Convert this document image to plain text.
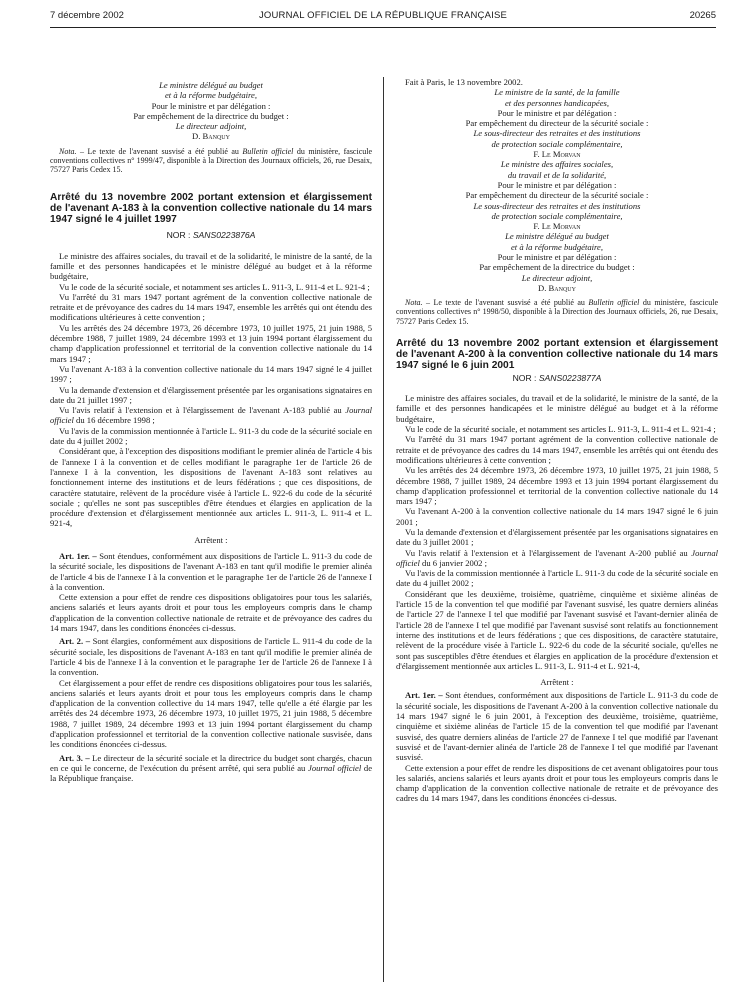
7 décembre 2002	JOURNAL OFFICIEL DE LA RÉPUBLIQUE FRANÇAISE	20265

Le ministre délégué au budget

et à la réforme budgétaire,

Pour le ministre et par délégation :

Par empêchement de la directrice du budget :

Le directeur adjoint,

D. Banquy

Nota. – Le texte de l'avenant susvisé a été publié au Bulletin officiel du ministère, fascicule conventions collectives n° 1999/47, disponible à la Direction des Journaux officiels, 26, rue Desaix, 75727 Paris Cedex 15.

Arrêté du 13 novembre 2002 portant extension et élargissement de l'avenant A-183 à la convention collective nationale du 14 mars 1947 signé le 4 juillet 1997

NOR : SANS0223876A

Le ministre des affaires sociales, du travail et de la solidarité, le ministre de la santé, de la famille et des personnes handicapées et le ministre délégué au budget et à la réforme budgétaire,

Vu le code de la sécurité sociale, et notamment ses articles L. 911-3, L. 911-4 et L. 921-4 ;

Vu l'arrêté du 31 mars 1947 portant agrément de la convention collective nationale de retraite et de prévoyance des cadres du 14 mars 1947, ensemble les arrêtés qui ont étendu des modifications ultérieures à cette convention ;

Vu les arrêtés des 24 décembre 1973, 26 décembre 1973, 10 juillet 1975, 21 juin 1988, 5 décembre 1988, 7 juillet 1989, 24 décembre 1993 et 13 juin 1994 portant élargissement du champ d'application professionnel et territorial de la convention collective nationale du 14 mars 1947 ;

Vu l'avenant A-183 à la convention collective nationale du 14 mars 1947 signé le 4 juillet 1997 ;

Vu la demande d'extension et d'élargissement présentée par les organisations signataires en date du 21 juillet 1997 ;

Vu l'avis relatif à l'extension et à l'élargissement de l'avenant A-183 publié au Journal officiel du 16 décembre 1998 ;

Vu l'avis de la commission mentionnée à l'article L. 911-3 du code de la sécurité sociale en date du 4 juillet 2002 ;

Considérant que, à l'exception des dispositions modifiant le premier alinéa de l'article 4 bis de l'annexe I à la convention et de celles modifiant le paragraphe 1er de l'article 26 de l'annexe I à la convention, les dispositions de l'avenant A-183 sont relatives au fonctionnement interne des institutions et de leurs fédérations ; que ces dispositions, de caractère statutaire, relèvent de la procédure visée à l'article L. 922-6 du code de la sécurité sociale ; qu'elles ne sont pas susceptibles d'être étendues et élargies en application de la procédure d'extension et d'élargissement mentionnée aux articles L. 911-3, L. 911-4 et L. 921-4,

Arrêtent :

Art. 1er. – Sont étendues, conformément aux dispositions de l'article L. 911-3 du code de la sécurité sociale, les dispositions de l'avenant A-183 en tant qu'il modifie le premier alinéa de l'article 4 bis de l'annexe I à la convention et le paragraphe 1er de l'article 26 de l'annexe I à la convention.

Cette extension a pour effet de rendre ces dispositions obligatoires pour tous les salariés, anciens salariés et leurs ayants droit et pour tous les employeurs compris dans le champ d'application de la convention collective nationale de retraite et de prévoyance des cadres du 14 mars 1947, dans les conditions énoncées ci-dessus.

Art. 2. – Sont élargies, conformément aux dispositions de l'article L. 911-4 du code de la sécurité sociale, les dispositions de l'avenant A-183 en tant qu'il modifie le premier alinéa de l'article 4 bis de l'annexe I à la convention et le paragraphe 1er de l'article 26 de l'annexe I à la convention.

Cet élargissement a pour effet de rendre ces dispositions obligatoires pour tous les salariés, anciens salariés et leurs ayants droit et pour tous les employeurs compris dans le champ d'application de la convention collective du 14 mars 1947, telle qu'elle a été élargie par les arrêtés des 24 décembre 1973, 26 décembre 1973, 10 juillet 1975, 21 juin 1988, 5 décembre 1988, 7 juillet 1989, 24 décembre 1993 et 13 juin 1994 portant élargissement du champ d'application professionnel et territorial de la convention collective nationale susvisée, dans les conditions énoncées ci-dessus.

Art. 3. – Le directeur de la sécurité sociale et la directrice du budget sont chargés, chacun en ce qui le concerne, de l'exécution du présent arrêté, qui sera publié au Journal officiel de la République française.

Fait à Paris, le 13 novembre 2002.

Le ministre de la santé, de la famille

et des personnes handicapées,

Pour le ministre et par délégation :

Par empêchement du directeur de la sécurité sociale :

Le sous-directeur des retraites et des institutions

de protection sociale complémentaire,

F. Le Morvan

Le ministre des affaires sociales,

du travail et de la solidarité,

Pour le ministre et par délégation :

Par empêchement du directeur de la sécurité sociale :

Le sous-directeur des retraites et des institutions

de protection sociale complémentaire,

F. Le Morvan

Le ministre délégué au budget

et à la réforme budgétaire,

Pour le ministre et par délégation :

Par empêchement de la directrice du budget :

Le directeur adjoint,

D. Banquy

Nota. – Le texte de l'avenant susvisé a été publié au Bulletin officiel du ministère, fascicule conventions collectives n° 1998/50, disponible à la Direction des Journaux officiels, 26, rue Desaix, 75727 Paris Cedex 15.

Arrêté du 13 novembre 2002 portant extension et élargissement de l'avenant A-200 à la convention collective nationale du 14 mars 1947 signé le 6 juin 2001

NOR : SANS0223877A

Le ministre des affaires sociales, du travail et de la solidarité, le ministre de la santé, de la famille et des personnes handicapées et le ministre délégué au budget et à la réforme budgétaire,

Vu le code de la sécurité sociale, et notamment ses articles L. 911-3, L. 911-4 et L. 921-4 ;

Vu l'arrêté du 31 mars 1947 portant agrément de la convention collective nationale de retraite et de prévoyance des cadres du 14 mars 1947, ensemble les arrêtés qui ont étendu des modifications ultérieures à cette convention ;

Vu les arrêtés des 24 décembre 1973, 26 décembre 1973, 10 juillet 1975, 21 juin 1988, 5 décembre 1988, 7 juillet 1989, 24 décembre 1993 et 13 juin 1994 portant élargissement du champ d'application professionnel et territorial de la convention collective nationale du 14 mars 1947 ;

Vu l'avenant A-200 à la convention collective nationale du 14 mars 1947 signé le 6 juin 2001 ;

Vu la demande d'extension et d'élargissement présentée par les organisations signataires en date du 3 juillet 2001 ;

Vu l'avis relatif à l'extension et à l'élargissement de l'avenant A-200 publié au Journal officiel du 6 janvier 2002 ;

Vu l'avis de la commission mentionnée à l'article L. 911-3 du code de la sécurité sociale en date du 4 juillet 2002 ;

Considérant que les deuxième, troisième, quatrième, cinquième et sixième alinéas de l'article 15 de la convention tel que modifié par l'avenant susvisé, les quatre derniers alinéas de l'article 27 de l'annexe I tel que modifié par l'avenant susvisé et l'avant-dernier alinéa de l'article 28 de l'annexe I tel que modifié par l'avenant susvisé sont relatifs au fonctionnement interne des institutions et de leurs fédérations ; que ces dispositions, de caractère statutaire, relèvent de la procédure visée à l'article L. 922-6 du code de la sécurité sociale, qu'elles ne sont pas susceptibles d'être étendues et élargies en application de la procédure d'extension et d'élargissement mentionnée aux articles L. 911-3, L. 911-4 et L. 921-4,

Arrêtent :

Art. 1er. – Sont étendues, conformément aux dispositions de l'article L. 911-3 du code de la sécurité sociale, les dispositions de l'avenant A-200 à la convention collective nationale du 14 mars 1947 signé le 6 juin 2001, à l'exception des deuxième, troisième, quatrième, cinquième et sixième alinéas de l'article 15 de la convention tel que modifié par l'avenant susvisé, des quatre derniers alinéas de l'article 27 de l'annexe I tel que modifié par l'avenant susvisé et de l'avant-dernier alinéa de l'article 28 de l'annexe I tel que modifié par l'avenant susvisé.

Cette extension a pour effet de rendre les dispositions de cet avenant obligatoires pour tous les salariés, anciens salariés et leurs ayants droit et pour tous les employeurs compris dans le champ d'application de la convention collective nationale de retraite et de prévoyance des cadres du 14 mars 1947, dans les conditions énoncées ci-dessus.
